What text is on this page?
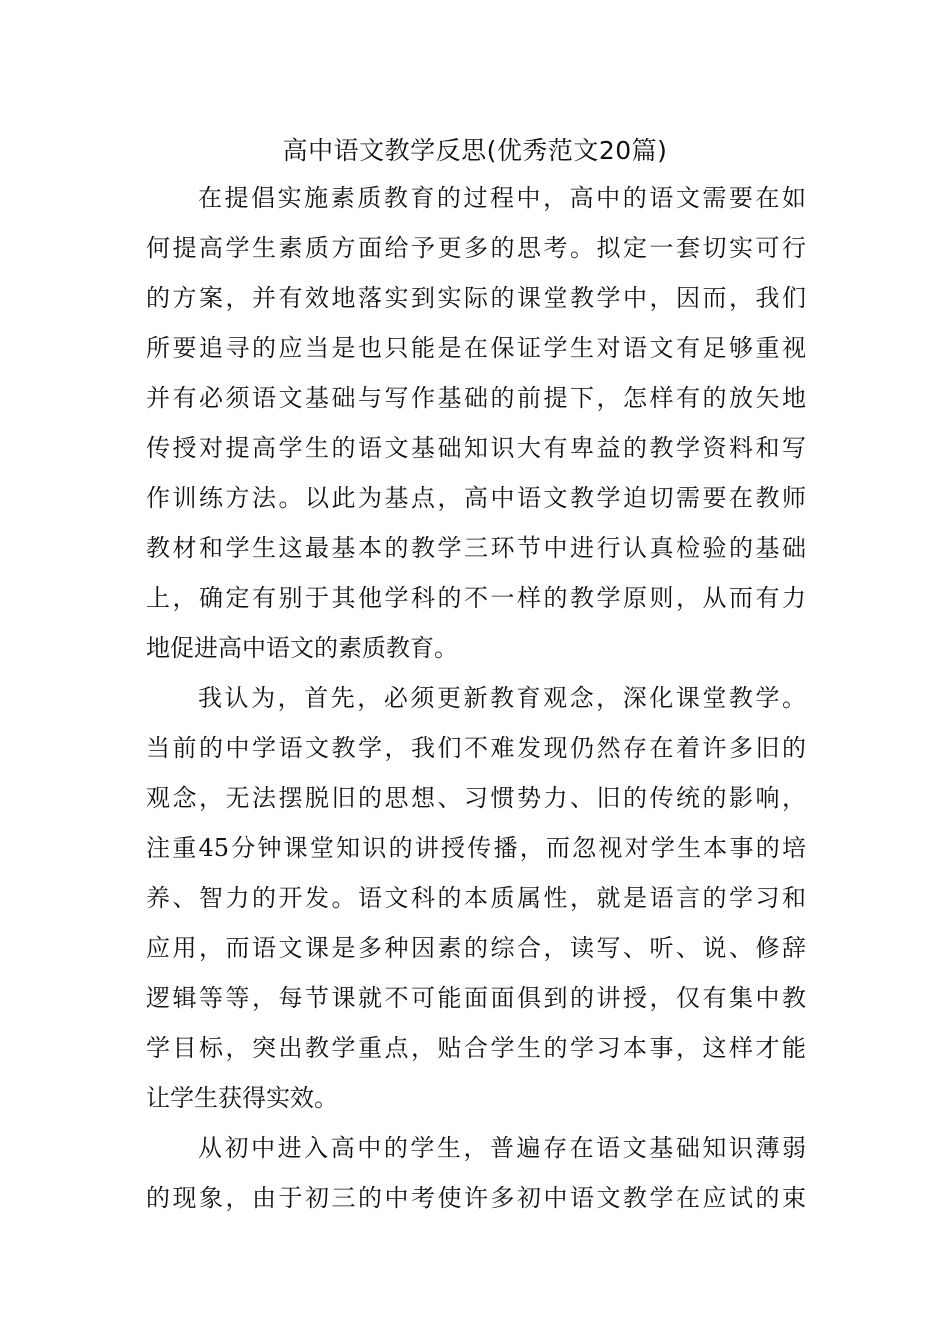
高中语文教学反思(优秀范文20篇)
在提倡实施素质教育的过程中，高中的语文需要在如
何提高学生素质方面给予更多的思考。拟定一套切实可行
的方案，并有效地落实到实际的课堂教学中，因而，我们
所要追寻的应当是也只能是在保证学生对语文有足够重视
并有必须语文基础与写作基础的前提下，怎样有的放矢地
传授对提高学生的语文基础知识大有卑益的教学资料和写
作训练方法。以此为基点，高中语文教学迫切需要在教师
教材和学生这最基本的教学三环节中进行认真检验的基础
上，确定有别于其他学科的不一样的教学原则，从而有力
地促进高中语文的素质教育。
我认为，首先，必须更新教育观念，深化课堂教学。
当前的中学语文教学，我们不难发现仍然存在着许多旧的
观念，无法摆脱旧的思想、习惯势力、旧的传统的影响，
注重45分钟课堂知识的讲授传播，而忽视对学生本事的培
养、智力的开发。语文科的本质属性，就是语言的学习和
应用，而语文课是多种因素的综合，读写、听、说、修辞
逻辑等等，每节课就不可能面面俱到的讲授，仅有集中教
学目标，突出教学重点，贴合学生的学习本事，这样才能
让学生获得实效。
从初中进入高中的学生，普遍存在语文基础知识薄弱
的现象，由于初三的中考使许多初中语文教学在应试的束
